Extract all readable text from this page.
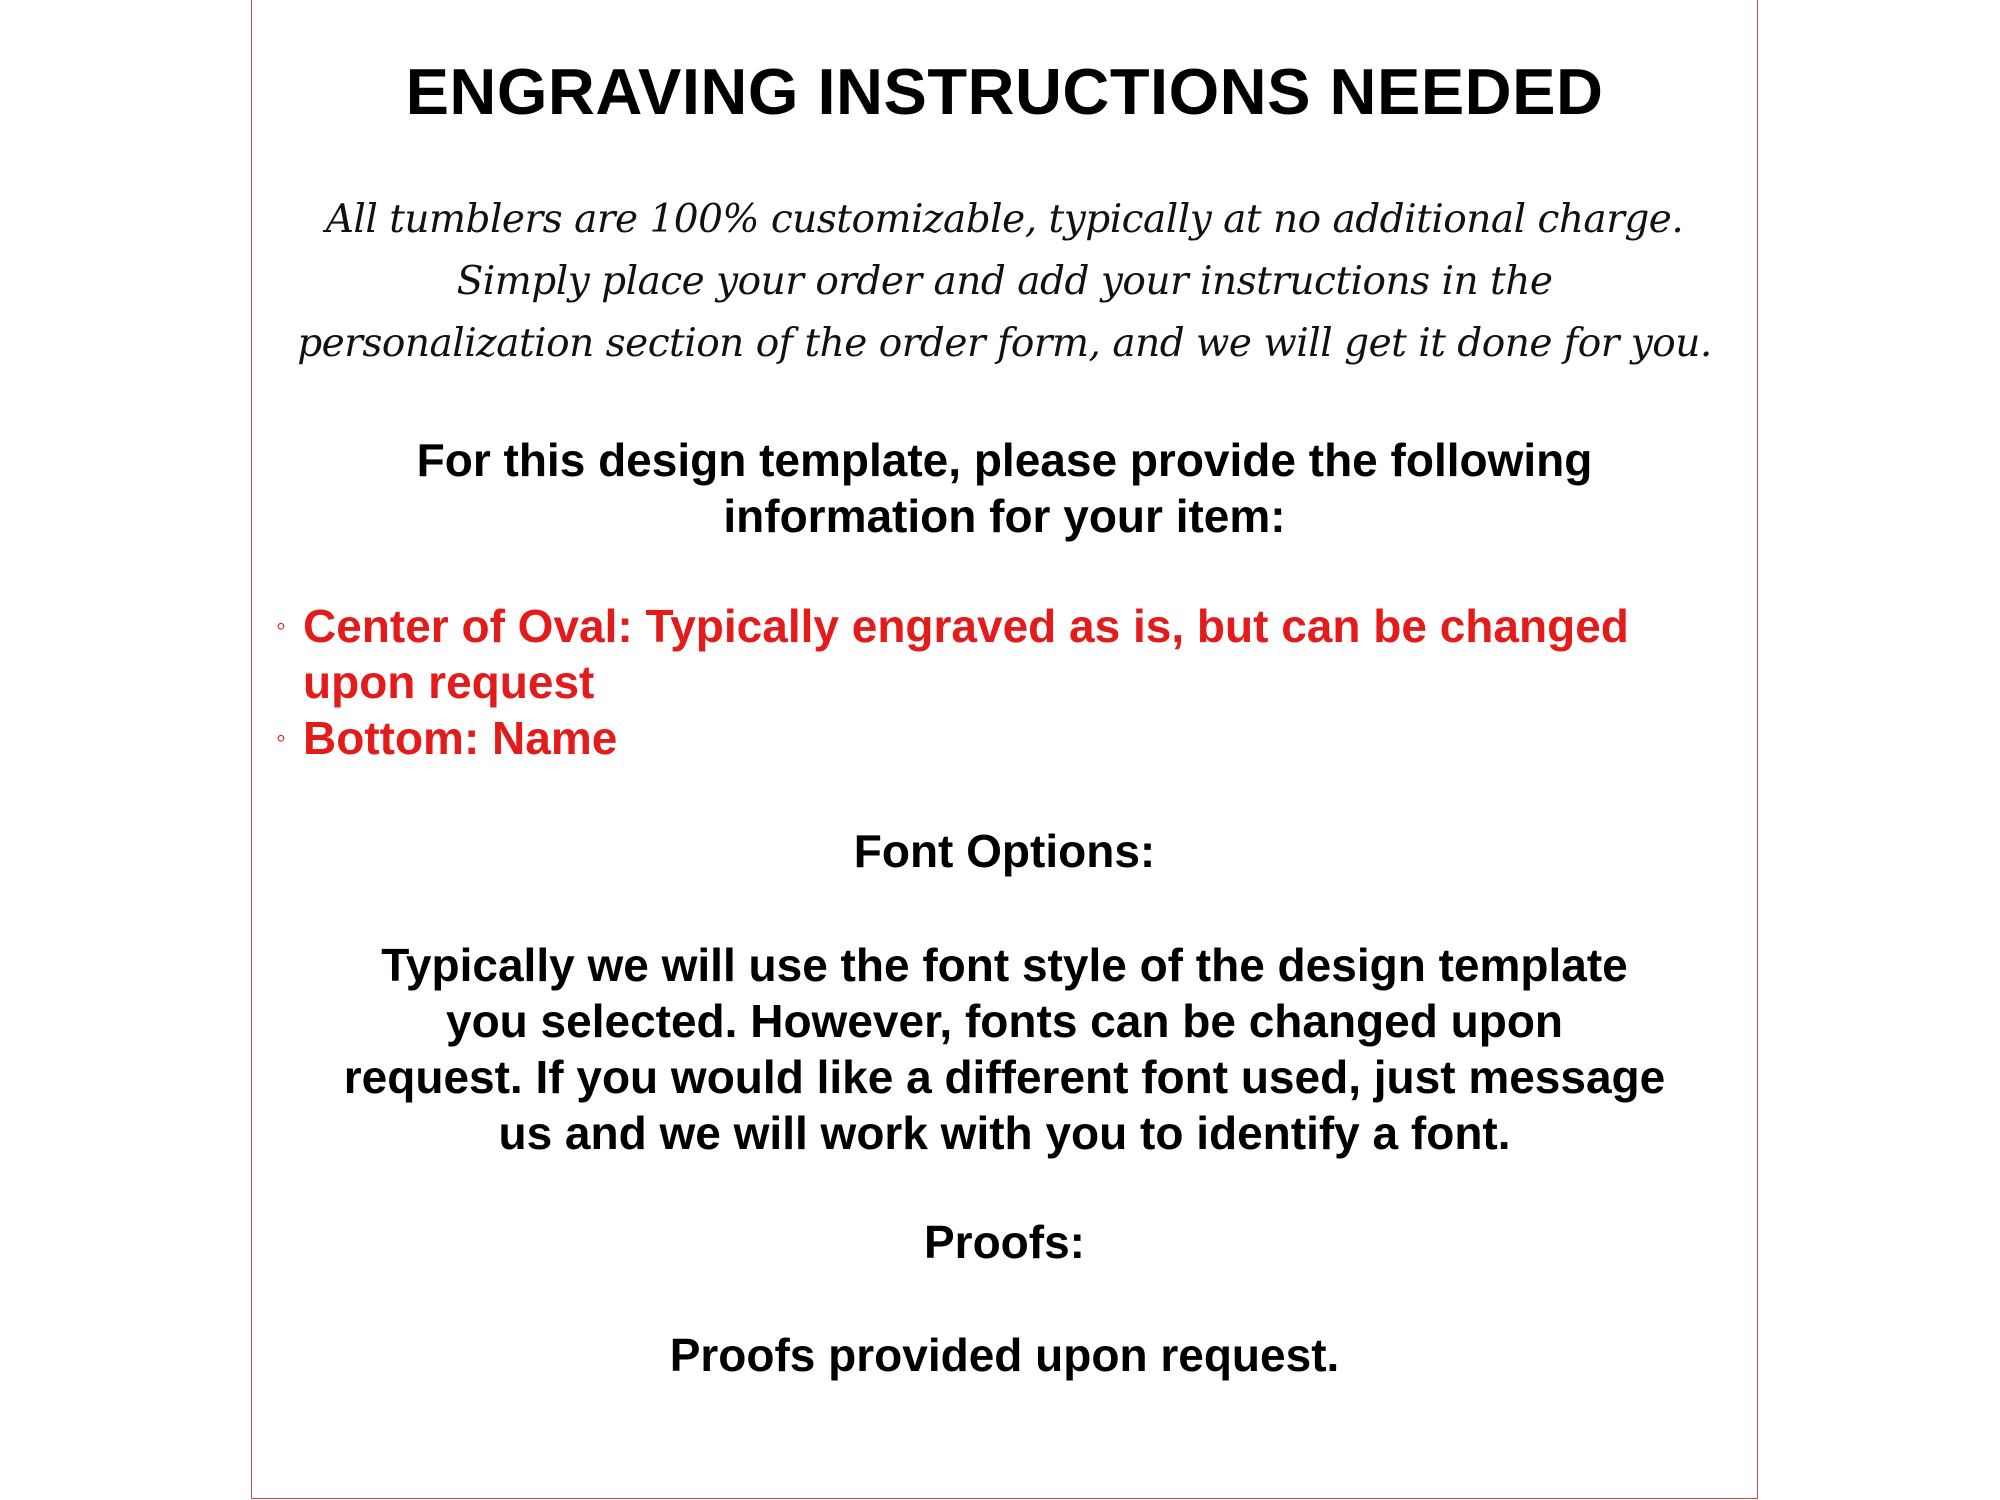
ENGRAVING INSTRUCTIONS NEEDED

All tumblers are 100% customizable, typically at no additional charge.

Simply place your order and add your instructions in the

personalization section of the order form, and we will get it done for you.

For this design template, please provide the following

information for your item:

◦ Center of Oval: Typically engraved as is, but can be changed
upon request
◦ Bottom: Name
Font Options:

Typically we will use the font style of the design template

you selected. However, fonts can be changed upon

request. If you would like a different font used, just message

us and we will work with you to identify a font.

Proofs:

Proofs provided upon request.
